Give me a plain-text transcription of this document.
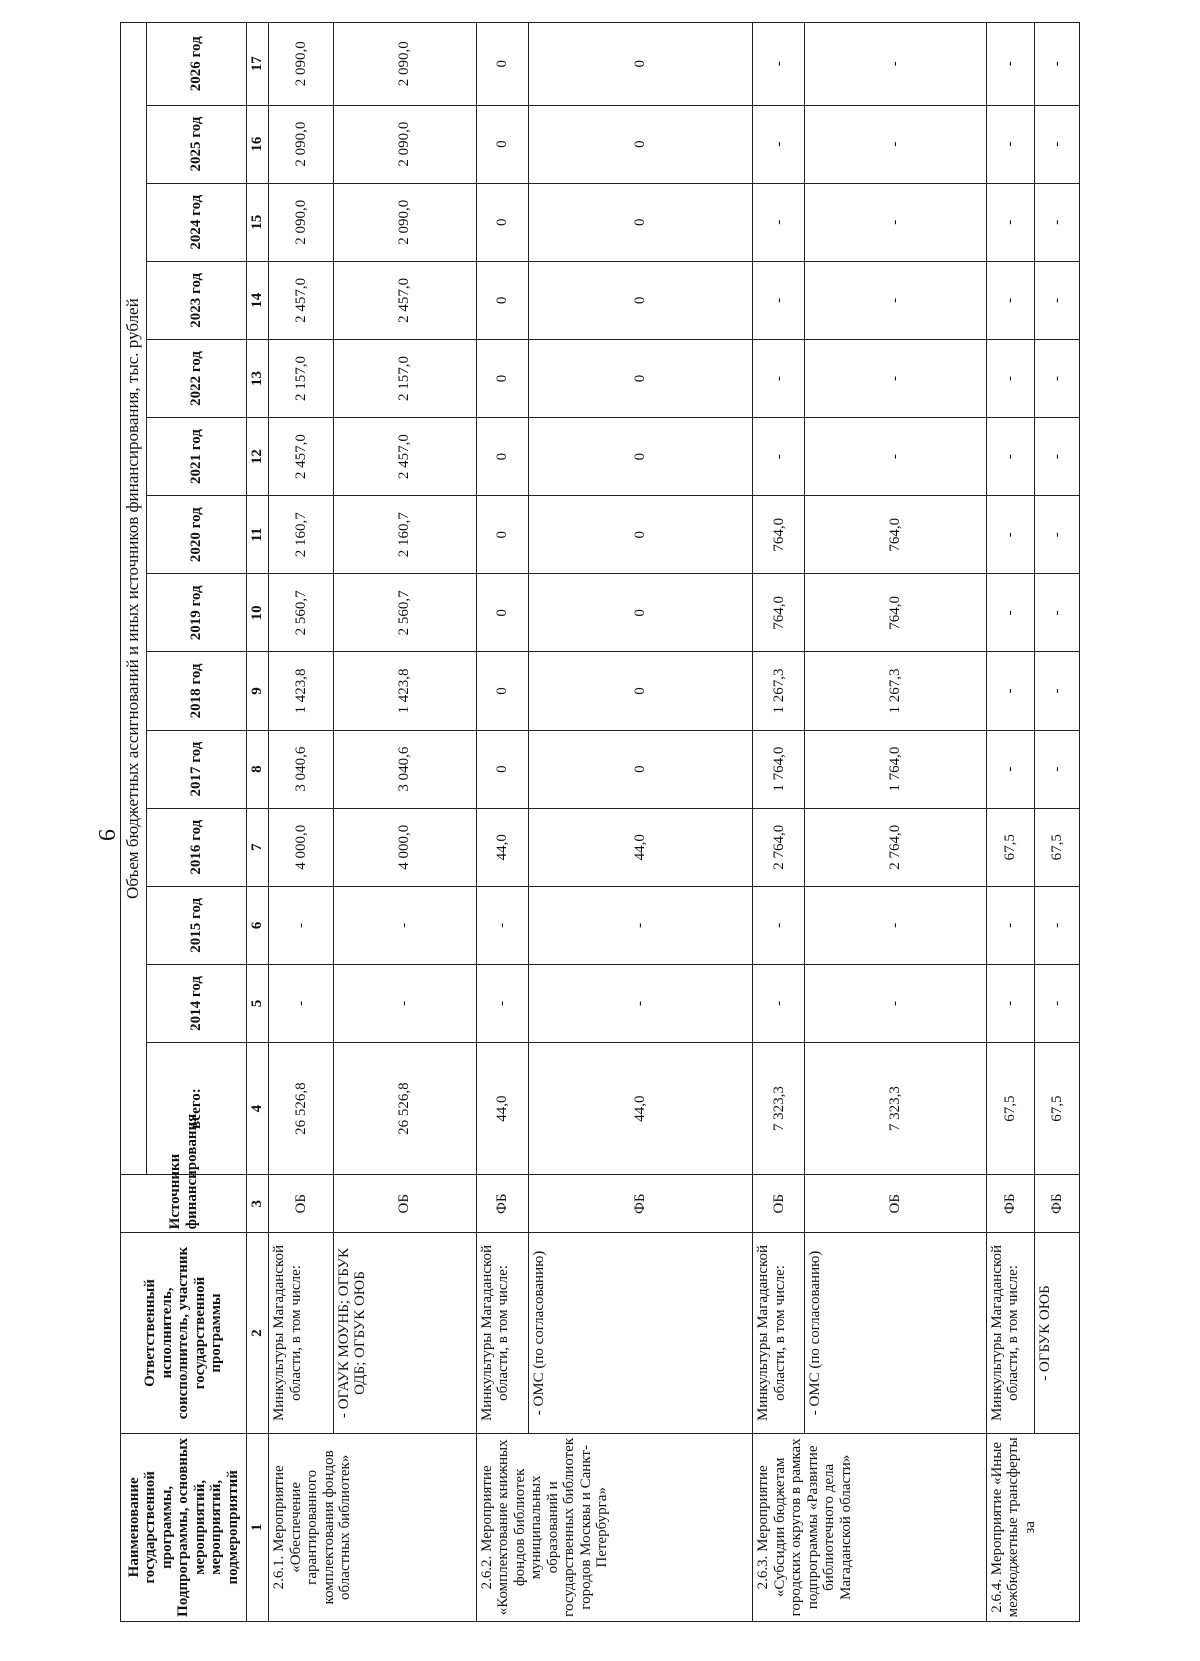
9
Наименование государственной программы, Подпрограммы, основных мероприятий, мероприятий, подмероприятий	Ответственный исполнитель, соисполнитель, участник государственной программы	Источники финансирования	Объем бюджетных ассигнований и иных источников финансирования, тыс. рублей													
			всего:	2014 год	2015 год	2016 год	2017 год	2018 год	2019 год	2020 год	2021 год	2022 год	2023 год	2024 год	2025 год	2026 год
1	2	3	4	5	6	7	8	9	10	11	12	13	14	15	16	17
2.6.1. Мероприятие «Обеспечение гарантированного комплектования фондов областных библиотек»	Минкультуры Магаданской области, в том числе:	ОБ	26 526,8	-	-	4 000,0	3 040,6	1 423,8	2 560,7	2 160,7	2 457,0	2 157,0	2 457,0	2 090,0	2 090,0	2 090,0
	- ОГАУК МОУНБ; ОГБУК ОДБ; ОГБУК ОЮБ	ОБ	26 526,8	-	-	4 000,0	3 040,6	1 423,8	2 560,7	2 160,7	2 457,0	2 157,0	2 457,0	2 090,0	2 090,0	2 090,0
2.6.2. Мероприятие «Комплектование книжных фондов библиотек муниципальных образований и государственных библиотек городов Москвы и Санкт-Петербурга»	Минкультуры Магаданской области, в том числе:	ФБ	44,0	-	-	44,0	0	0	0	0	0	0	0	0	0	0
	- ОМС (по согласованию)	ФБ	44,0	-	-	44,0	0	0	0	0	0	0	0	0	0	0
2.6.3. Мероприятие «Субсидии бюджетам городских округов в рамках подпрограммы «Развитие библиотечного дела Магаданской области»	Минкультуры Магаданской области, в том числе:	ОБ	7 323,3	-	-	2 764,0	1 764,0	1 267,3	764,0	764,0	-	-	-	-	-	-
	- ОМС (по согласованию)	ОБ	7 323,3	-	-	2 764,0	1 764,0	1 267,3	764,0	764,0	-	-	-	-	-	-
2.6.4. Мероприятие «Иные межбюджетные трансферты за	Минкультуры Магаданской области, в том числе:	ФБ	67,5	-	-	67,5	-	-	-	-	-	-	-	-	-	-
	- ОГБУК ОЮБ	ФБ	67,5	-	-	67,5	-	-	-	-	-	-	-	-	-	-
